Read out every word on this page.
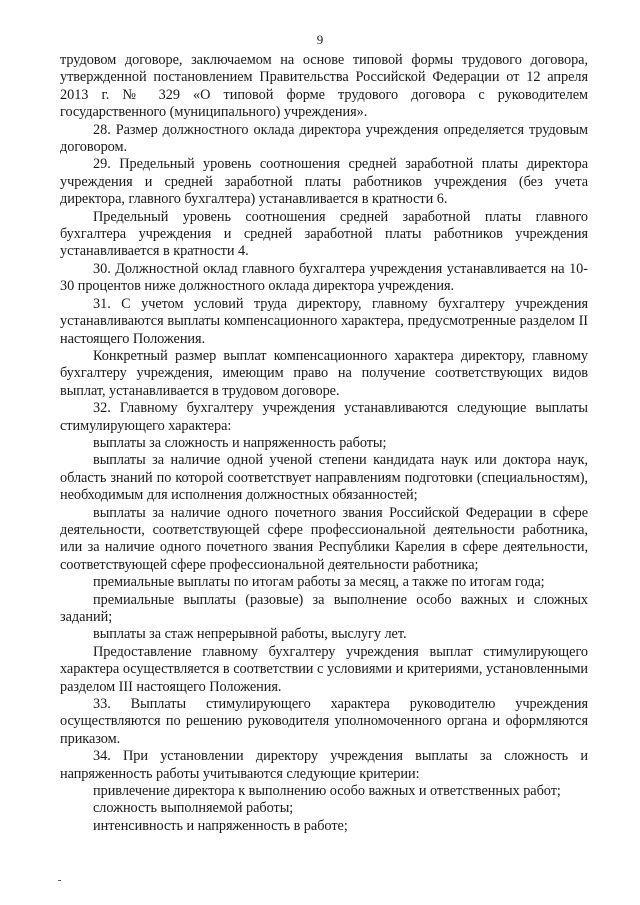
9

трудовом договоре, заключаемом на основе типовой формы трудового договора, утвержденной постановлением Правительства Российской Федерации от 12 апреля 2013 г. № 329 «О типовой форме трудового договора с руководителем государственного (муниципального) учреждения».

28. Размер должностного оклада директора учреждения определяется трудовым договором.

29. Предельный уровень соотношения средней заработной платы директора учреждения и средней заработной платы работников учреждения (без учета директора, главного бухгалтера) устанавливается в кратности 6.

Предельный уровень соотношения средней заработной платы главного бухгалтера учреждения и средней заработной платы работников учреждения устанавливается в кратности 4.

30. Должностной оклад главного бухгалтера учреждения устанавливается на 10-30 процентов ниже должностного оклада директора учреждения.

31. С учетом условий труда директору, главному бухгалтеру учреждения устанавливаются выплаты компенсационного характера, предусмотренные разделом II настоящего Положения.

Конкретный размер выплат компенсационного характера директору, главному бухгалтеру учреждения, имеющим право на получение соответствующих видов выплат, устанавливается в трудовом договоре.

32. Главному бухгалтеру учреждения устанавливаются следующие выплаты стимулирующего характера:

выплаты за сложность и напряженность работы;

выплаты за наличие одной ученой степени кандидата наук или доктора наук, область знаний по которой соответствует направлениям подготовки (специальностям), необходимым для исполнения должностных обязанностей;

выплаты за наличие одного почетного звания Российской Федерации в сфере деятельности, соответствующей сфере профессиональной деятельности работника, или за наличие одного почетного звания Республики Карелия в сфере деятельности, соответствующей сфере профессиональной деятельности работника;

премиальные выплаты по итогам работы за месяц, а также по итогам года;

премиальные выплаты (разовые) за выполнение особо важных и сложных заданий;

выплаты за стаж непрерывной работы, выслугу лет.

Предоставление главному бухгалтеру учреждения выплат стимулирующего характера осуществляется в соответствии с условиями и критериями, установленными разделом III настоящего Положения.

33. Выплаты стимулирующего характера руководителю учреждения осуществляются по решению руководителя уполномоченного органа и оформляются приказом.

34. При установлении директору учреждения выплаты за сложность и напряженность работы учитываются следующие критерии:

привлечение директора к выполнению особо важных и ответственных работ;

сложность выполняемой работы;

интенсивность и напряженность в работе;
